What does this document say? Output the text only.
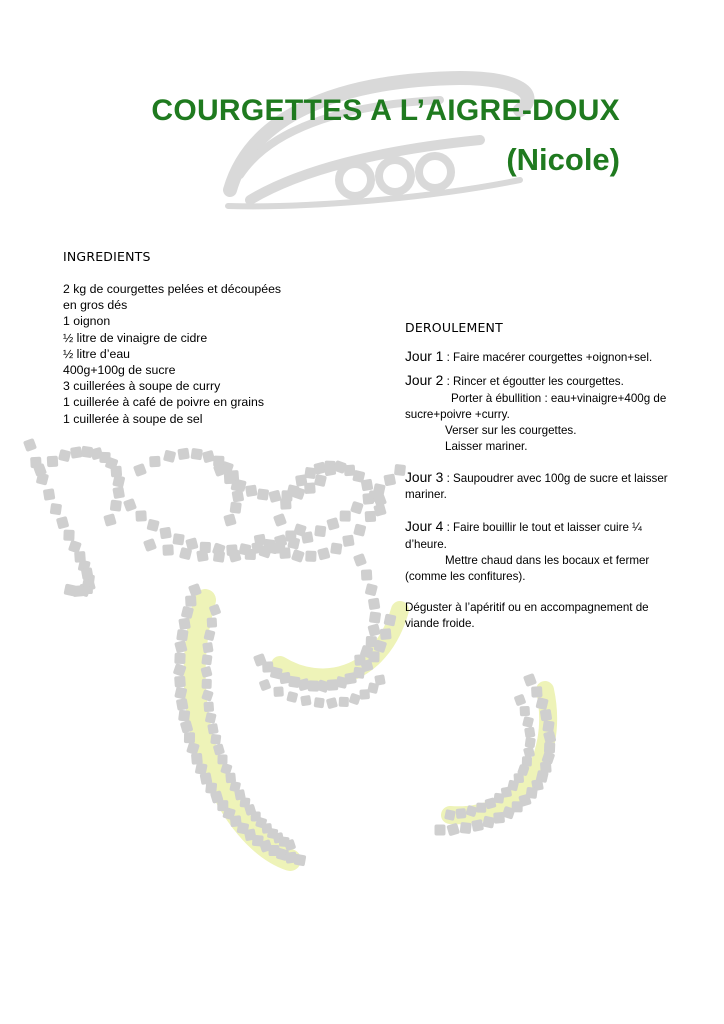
COURGETTES A L’AIGRE-DOUX
(Nicole)
INGREDIENTS
2 kg de courgettes pelées et découpées
en gros dés
1 oignon
½ litre de vinaigre de cidre
½ litre d’eau
400g+100g de sucre
3 cuillerées à soupe de curry
1 cuillerée à café de poivre en grains
1 cuillerée à soupe de sel
DEROULEMENT
Jour 1 : Faire macérer courgettes +oignon+sel.
Jour 2 : Rincer et égoutter les courgettes.
Porter à ébullition : eau+vinaigre+400g de
sucre+poivre +curry.
Verser sur les courgettes.
Laisser mariner.
Jour 3 : Saupoudrer avec 100g de sucre et laisser
mariner.
Jour 4 : Faire bouillir le tout et laisser cuire ¼
d’heure.
Mettre chaud dans les bocaux et fermer
(comme les confitures).
Déguster à l’apéritif ou en accompagnement de
viande froide.
